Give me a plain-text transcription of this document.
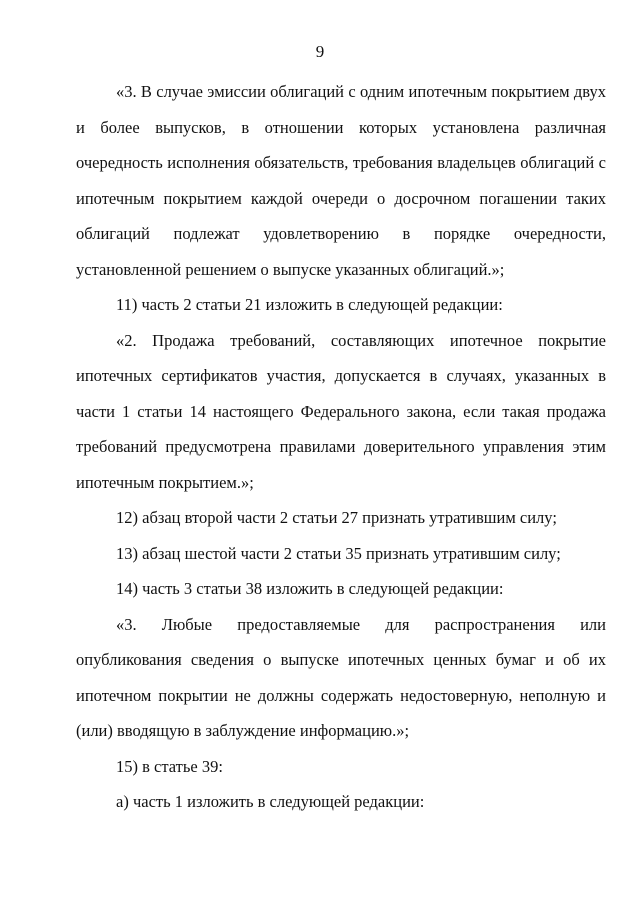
9

«3. В случае эмиссии облигаций с одним ипотечным покрытием двух и более выпусков, в отношении которых установлена различная очередность исполнения обязательств, требования владельцев облигаций с ипотечным покрытием каждой очереди о досрочном погашении таких облигаций подлежат удовлетворению в порядке очередности, установленной решением о выпуске указанных облигаций.»;

11) часть 2 статьи 21 изложить в следующей редакции:

«2. Продажа требований, составляющих ипотечное покрытие ипотечных сертификатов участия, допускается в случаях, указанных в части 1 статьи 14 настоящего Федерального закона, если такая продажа требований предусмотрена правилами доверительного управления этим ипотечным покрытием.»;

12) абзац второй части 2 статьи 27 признать утратившим силу;

13) абзац шестой части 2 статьи 35 признать утратившим силу;

14) часть 3 статьи 38 изложить в следующей редакции:

«3. Любые предоставляемые для распространения или опубликования сведения о выпуске ипотечных ценных бумаг и об их ипотечном покрытии не должны содержать недостоверную, неполную и (или) вводящую в заблуждение информацию.»;

15) в статье 39:

а) часть 1 изложить в следующей редакции:
